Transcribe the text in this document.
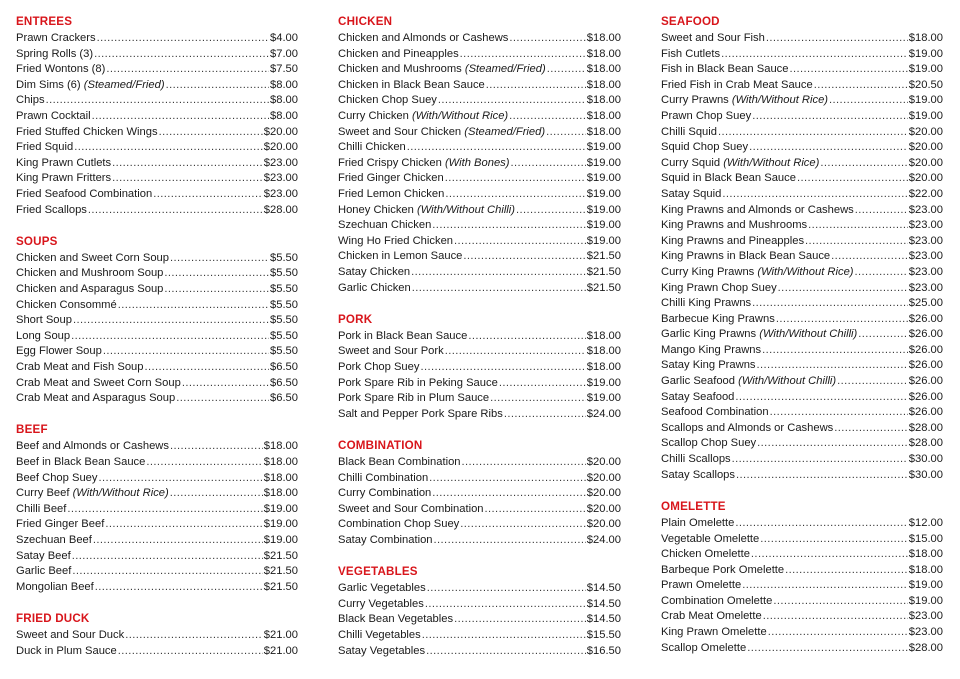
ENTREES
Prawn Crackers .....	$4.00
Spring Rolls (3) .....	$7.00
Fried Wontons (8) .....	$7.50
Dim Sims (6) (Steamed/Fried) .....	$8.00
Chips .....	$8.00
Prawn Cocktail .....	$8.00
Fried Stuffed Chicken Wings .....	$20.00
Fried Squid .....	$20.00
King Prawn Cutlets .....	$23.00
King Prawn Fritters .....	$23.00
Fried Seafood Combination .....	$23.00
Fried Scallops .....	$28.00
SOUPS
Chicken and Sweet Corn Soup .....	$5.50
Chicken and Mushroom Soup .....	$5.50
Chicken and Asparagus Soup .....	$5.50
Chicken Consommé .....	$5.50
Short Soup .....	$5.50
Long Soup .....	$5.50
Egg Flower Soup .....	$5.50
Crab Meat and Fish Soup .....	$6.50
Crab Meat and Sweet Corn Soup .....	$6.50
Crab Meat and Asparagus Soup .....	$6.50
BEEF
Beef and Almonds or Cashews .....	$18.00
Beef in Black Bean Sauce .....	$18.00
Beef Chop Suey .....	$18.00
Curry Beef (With/Without Rice) .....	$18.00
Chilli Beef .....	$19.00
Fried Ginger Beef .....	$19.00
Szechuan Beef .....	$19.00
Satay Beef .....	$21.50
Garlic Beef .....	$21.50
Mongolian Beef .....	$21.50
FRIED DUCK
Sweet and Sour Duck .....	$21.00
Duck in Plum Sauce .....	$21.00
CHICKEN
Chicken and Almonds or Cashews .....	$18.00
Chicken and Pineapples .....	$18.00
Chicken and Mushrooms (Steamed/Fried) .....	$18.00
Chicken in Black Bean Sauce .....	$18.00
Chicken Chop Suey .....	$18.00
Curry Chicken (With/Without Rice) .....	$18.00
Sweet and Sour Chicken (Steamed/Fried) .....	$18.00
Chilli Chicken .....	$19.00
Fried Crispy Chicken (With Bones) .....	$19.00
Fried Ginger Chicken .....	$19.00
Fried Lemon Chicken .....	$19.00
Honey Chicken (With/Without Chilli) .....	$19.00
Szechuan Chicken .....	$19.00
Wing Ho Fried Chicken .....	$19.00
Chicken in Lemon Sauce .....	$21.50
Satay Chicken .....	$21.50
Garlic Chicken .....	$21.50
PORK
Pork in Black Bean Sauce .....	$18.00
Sweet and Sour Pork .....	$18.00
Pork Chop Suey .....	$18.00
Pork Spare Rib in Peking Sauce .....	$19.00
Pork Spare Rib in Plum Sauce .....	$19.00
Salt and Pepper Pork Spare Ribs .....	$24.00
COMBINATION
Black Bean Combination .....	$20.00
Chilli Combination .....	$20.00
Curry Combination .....	$20.00
Sweet and Sour Combination .....	$20.00
Combination Chop Suey .....	$20.00
Satay Combination .....	$24.00
VEGETABLES
Garlic Vegetables .....	$14.50
Curry Vegetables .....	$14.50
Black Bean Vegetables .....	$14.50
Chilli Vegetables .....	$15.50
Satay Vegetables .....	$16.50
SEAFOOD
Sweet and Sour Fish .....	$18.00
Fish Cutlets .....	$19.00
Fish in Black Bean Sauce .....	$19.00
Fried Fish in Crab Meat Sauce .....	$20.50
Curry Prawns (With/Without Rice) .....	$19.00
Prawn Chop Suey .....	$19.00
Chilli Squid .....	$20.00
Squid Chop Suey .....	$20.00
Curry Squid (With/Without Rice) .....	$20.00
Squid in Black Bean Sauce .....	$20.00
Satay Squid .....	$22.00
King Prawns and Almonds or Cashews .....	$23.00
King Prawns and Mushrooms .....	$23.00
King Prawns and Pineapples .....	$23.00
King Prawns in Black Bean Sauce .....	$23.00
Curry King Prawns (With/Without Rice) .....	$23.00
King Prawn Chop Suey .....	$23.00
Chilli King Prawns .....	$25.00
Barbecue King Prawns .....	$26.00
Garlic King Prawns (With/Without Chilli) .....	$26.00
Mango King Prawns .....	$26.00
Satay King Prawns .....	$26.00
Garlic Seafood (With/Without Chilli) .....	$26.00
Satay Seafood .....	$26.00
Seafood Combination .....	$26.00
Scallops and Almonds or Cashews .....	$28.00
Scallop Chop Suey .....	$28.00
Chilli Scallops .....	$30.00
Satay Scallops .....	$30.00
OMELETTE
Plain Omelette .....	$12.00
Vegetable Omelette .....	$15.00
Chicken Omelette .....	$18.00
Barbeque Pork Omelette .....	$18.00
Prawn Omelette .....	$19.00
Combination Omelette .....	$19.00
Crab Meat Omelette .....	$23.00
King Prawn Omelette .....	$23.00
Scallop Omelette .....	$28.00
